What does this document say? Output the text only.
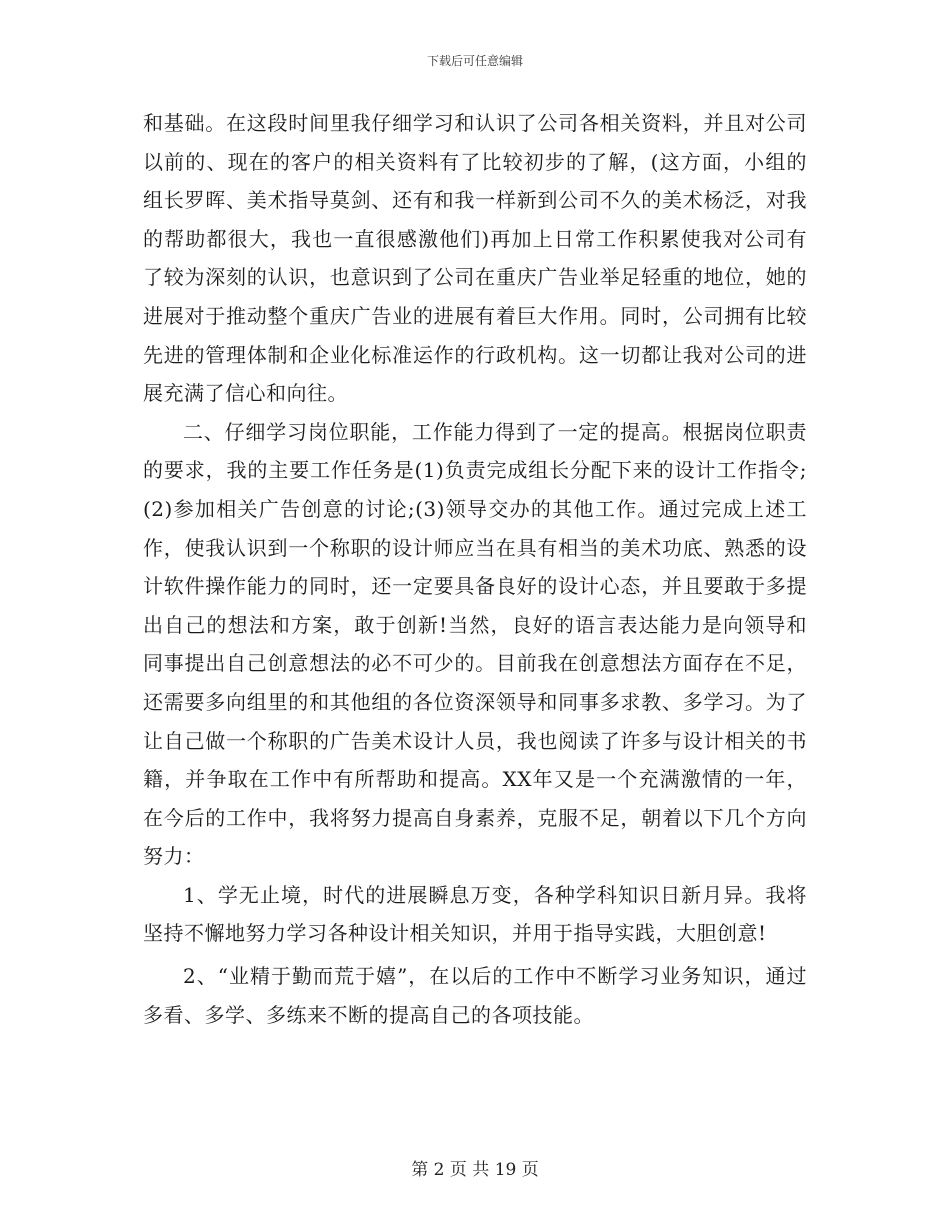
下载后可任意编辑

和基础。在这段时间里我仔细学习和认识了公司各相关资料，并且对公司以前的、现在的客户的相关资料有了比较初步的了解，(这方面，小组的组长罗晖、美术指导莫剑、还有和我一样新到公司不久的美术杨泛，对我的帮助都很大，我也一直很感激他们)再加上日常工作积累使我对公司有了较为深刻的认识，也意识到了公司在重庆广告业举足轻重的地位，她的进展对于推动整个重庆广告业的进展有着巨大作用。同时，公司拥有比较先进的管理体制和企业化标准运作的行政机构。这一切都让我对公司的进展充满了信心和向往。

二、仔细学习岗位职能，工作能力得到了一定的提高。根据岗位职责的要求，我的主要工作任务是(1)负责完成组长分配下来的设计工作指令;(2)参加相关广告创意的讨论;(3)领导交办的其他工作。通过完成上述工作，使我认识到一个称职的设计师应当在具有相当的美术功底、熟悉的设计软件操作能力的同时，还一定要具备良好的设计心态，并且要敢于多提出自己的想法和方案，敢于创新!当然，良好的语言表达能力是向领导和同事提出自己创意想法的必不可少的。目前我在创意想法方面存在不足，还需要多向组里的和其他组的各位资深领导和同事多求教、多学习。为了让自己做一个称职的广告美术设计人员，我也阅读了许多与设计相关的书籍，并争取在工作中有所帮助和提高。XX年又是一个充满激情的一年，在今后的工作中，我将努力提高自身素养，克服不足，朝着以下几个方向努力：

1、学无止境，时代的进展瞬息万变，各种学科知识日新月异。我将坚持不懈地努力学习各种设计相关知识，并用于指导实践，大胆创意!

2、“业精于勤而荒于嬉”，在以后的工作中不断学习业务知识，通过多看、多学、多练来不断的提高自己的各项技能。

第 2 页 共 19 页
